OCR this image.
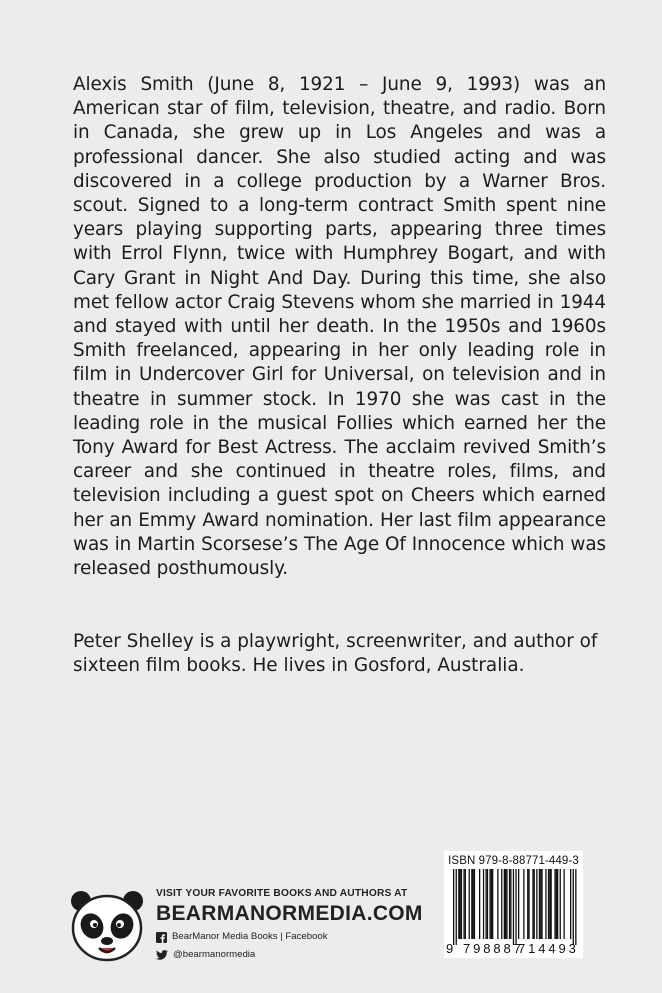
Alexis Smith (June 8, 1921 – June 9, 1993) was an American star of film, television, theatre, and radio. Born in Canada, she grew up in Los Angeles and was a professional dancer. She also studied acting and was discovered in a college production by a Warner Bros. scout. Signed to a long-term contract Smith spent nine years playing supporting parts, appearing three times with Errol Flynn, twice with Humphrey Bogart, and with Cary Grant in Night And Day. During this time, she also met fellow actor Craig Stevens whom she married in 1944 and stayed with until her death. In the 1950s and 1960s Smith freelanced, appearing in her only leading role in film in Undercover Girl for Universal, on television and in theatre in summer stock. In 1970 she was cast in the leading role in the musical Follies which earned her the Tony Award for Best Actress. The acclaim revived Smith’s career and she continued in theatre roles, films, and television including a guest spot on Cheers which earned her an Emmy Award nomination. Her last film appearance was in Martin Scorsese’s The Age Of Innocence which was released posthumously.

Peter Shelley is a playwright, screenwriter, and author of sixteen film books. He lives in Gosford, Australia.

VISIT YOUR FAVORITE BOOKS AND AUTHORS AT
BEARMANORMEDIA.COM
BearManor Media Books | Facebook
@bearmanormedia
ISBN 979-8-88771-449-3
9 798887
714493
